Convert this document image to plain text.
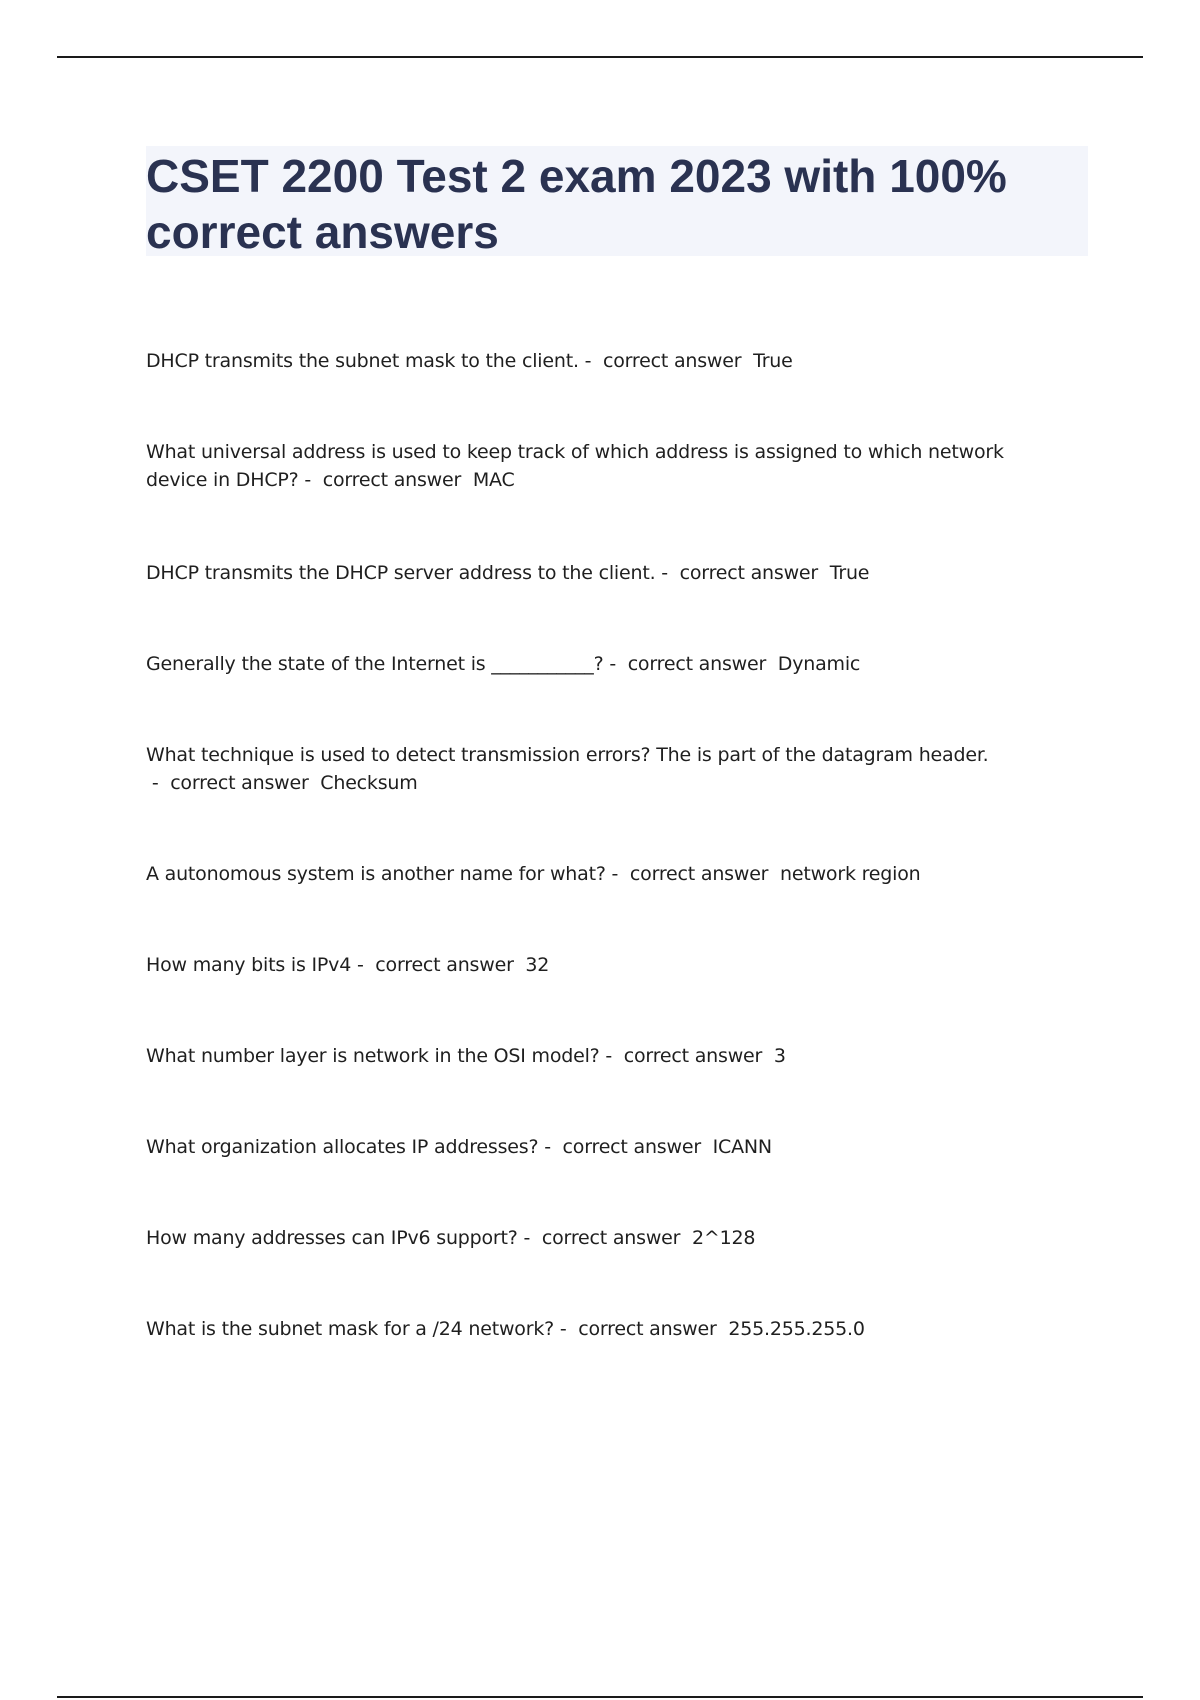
CSET 2200 Test 2 exam 2023 with 100% correct answers
DHCP transmits the subnet mask to the client. -  correct answer True
What universal address is used to keep track of which address is assigned to which network device in DHCP? -  correct answer MAC
DHCP transmits the DHCP server address to the client. -  correct answer True
Generally the state of the Internet is ___________? -  correct answer Dynamic
What technique is used to detect transmission errors? The is part of the datagram header. -  correct answer Checksum
A autonomous system is another name for what? -  correct answer network region
How many bits is IPv4 -  correct answer 32
What number layer is network in the OSI model? -  correct answer 3
What organization allocates IP addresses? -  correct answer ICANN
How many addresses can IPv6 support? -  correct answer 2^128
What is the subnet mask for a /24 network? -  correct answer 255.255.255.0
